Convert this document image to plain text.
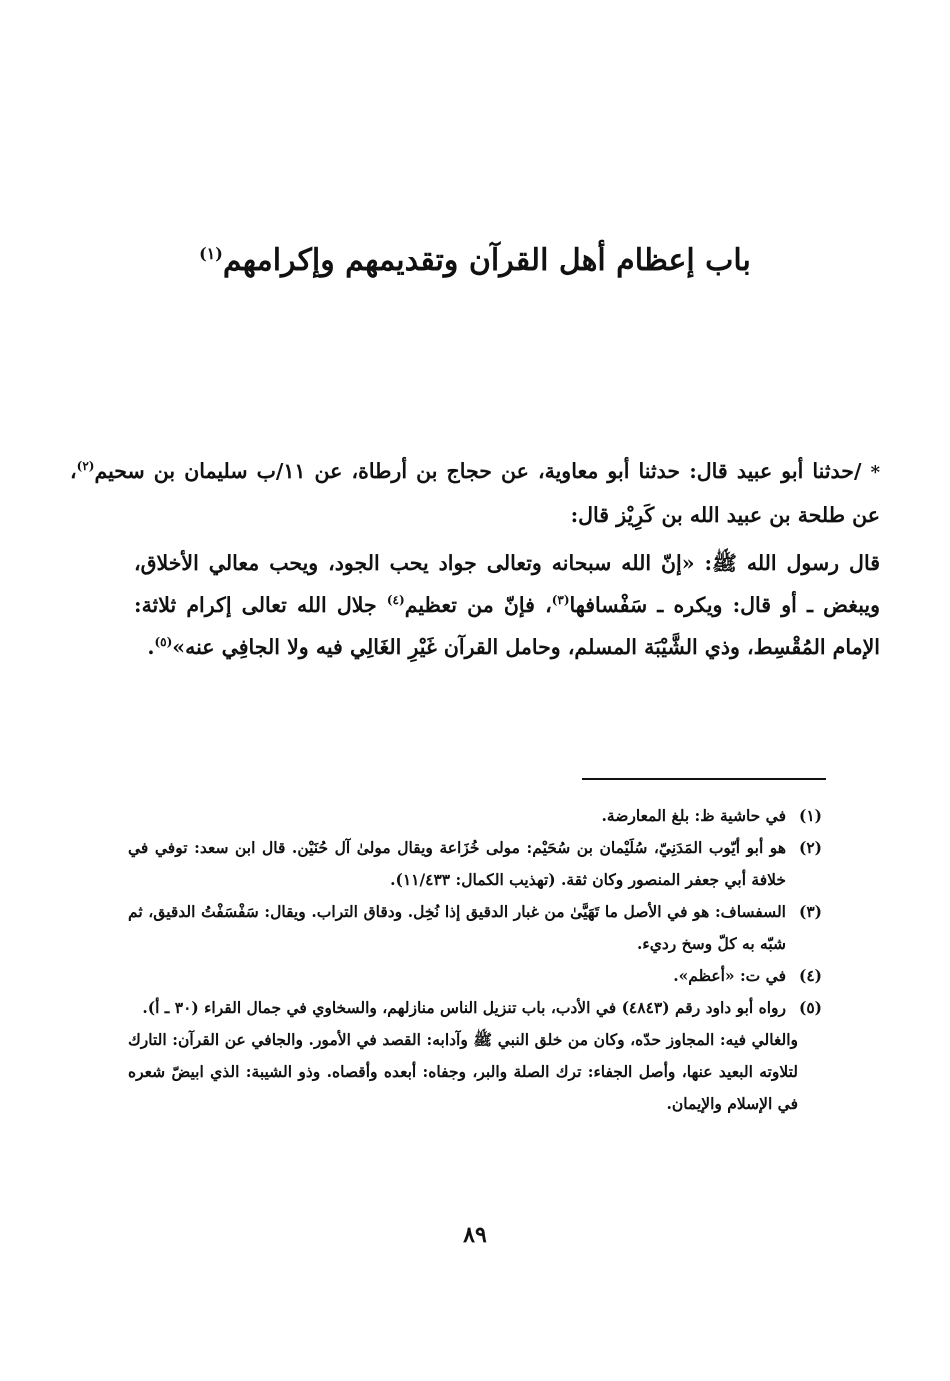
باب إعظام أهل القرآن وتقديمهم وإكرامهم$^{(١)}$

* /حدثنا أبو عبيد قال: حدثنا أبو معاوية، عن حجاج بن أرطاة، عن ١١/ب سليمان بن سحيم$^{(٢)}$، عن طلحة بن عبيد الله بن كَرِيْز قال:

قال رسول الله ﷺ: «إنّ الله سبحانه وتعالى جواد يحب الجود، ويحب معالي الأخلاق، ويبغض ـ أو قال: ويكره ـ سَفْسافها$^{(٣)}$، فإنّ من تعظيم$^{(٤)}$ جلال الله تعالى إكرام ثلاثة: الإمام المُقْسِط، وذي الشَّيْبَة المسلم، وحامل القرآن غَيْرِ الغَالِي فيه ولا الجافِي عنه»$^{(٥)}$.

(١)في حاشية ظ: بلغ المعارضة.

(٢)هو أبو أيّوب المَدَنِيّ، سُلَيْمان بن سُحَيْم: مولى خُزَاعة ويقال مولىٰ آل حُنَيْن. قال ابن سعد: توفي في خلافة أبي جعفر المنصور وكان ثقة. (تهذيب الكمال: ١١/٤٣٣).

(٣)السفساف: هو في الأصل ما تَهَيَّىٰ من غبار الدقيق إذا نُخِل. ودقاق التراب. ويقال: سَفْسَفْتُ الدقيق، ثم شبّه به كلّ وسخ رديء.

(٤)في ت: «أعظم».

(٥)رواه أبو داود رقم (٤٨٤٣) في الأدب، باب تنزيل الناس منازلهم، والسخاوي في جمال القراء (٣٠ ـ أ).

والغالي فيه: المجاوز حدّه، وكان من خلق النبي ﷺ وآدابه: القصد في الأمور. والجافي عن القرآن: التارك لتلاوته البعيد عنها، وأصل الجفاء: ترك الصلة والبر، وجفاه: أبعده وأقصاه. وذو الشيبة: الذي ابيضّ شعره في الإسلام والإيمان.

٨٩
